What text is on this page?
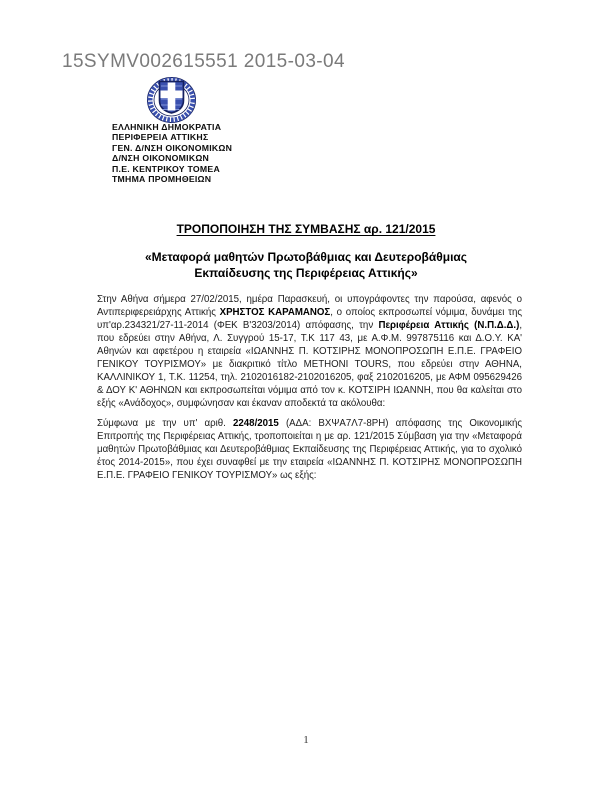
15SYMV002615551 2015-03-04
ΕΛΛΗΝΙΚΗ ΔΗΜΟΚΡΑΤΙΑ
ΠΕΡΙΦΕΡΕΙΑ ΑΤΤΙΚΗΣ
ΓΕΝ. Δ/ΝΣΗ ΟΙΚΟΝΟΜΙΚΩΝ
Δ/ΝΣΗ ΟΙΚΟΝΟΜΙΚΩΝ
Π.Ε. ΚΕΝΤΡΙΚΟΥ ΤΟΜΕΑ
ΤΜΗΜΑ ΠΡΟΜΗΘΕΙΩΝ
ΤΡΟΠΟΠΟΙΗΣΗ ΤΗΣ ΣΥΜΒΑΣΗΣ αρ. 121/2015
«Μεταφορά μαθητών Πρωτοβάθμιας και Δευτεροβάθμιας
Εκπαίδευσης της Περιφέρειας Αττικής»
Στην Αθήνα σήμερα 27/02/2015, ημέρα Παρασκευή, οι υπογράφοντες την παρούσα, αφενός ο Αντιπεριφερειάρχης Αττικής ΧΡΗΣΤΟΣ ΚΑΡΑΜΑΝΟΣ, ο οποίος εκπροσωπεί νόμιμα, δυνάμει της υπ'αρ.234321/27-11-2014 (ΦΕΚ Β'3203/2014) απόφασης, την Περιφέρεια Αττικής (Ν.Π.Δ.Δ.), που εδρεύει στην Αθήνα, Λ. Συγγρού 15-17, Τ.Κ 117 43, με Α.Φ.Μ. 997875116 και Δ.Ο.Υ. ΚΑ' Αθηνών και αφετέρου η εταιρεία «ΙΩΑΝΝΗΣ Π. ΚΟΤΣΙΡΗΣ ΜΟΝΟΠΡΟΣΩΠΗ Ε.Π.Ε. ΓΡΑΦΕΙΟ ΓΕΝΙΚΟΥ ΤΟΥΡΙΣΜΟΥ» με διακριτικό τίτλο METHONI TOURS, που εδρεύει στην ΑΘΗΝΑ, ΚΑΛΛΙΝΙΚΟΥ 1, Τ.Κ. 11254, τηλ. 2102016182-2102016205, φαξ 2102016205, με ΑΦΜ 095629426 & ΔΟΥ Κ' ΑΘΗΝΩΝ και εκπροσωπείται νόμιμα από τον κ. ΚΟΤΣΙΡΗ ΙΩΑΝΝΗ, που θα καλείται στο εξής «Ανάδοχος», συμφώνησαν και έκαναν αποδεκτά τα ακόλουθα:
Σύμφωνα με την υπ' αριθ. 2248/2015 (ΑΔΑ: ΒΧΨΑ7Λ7-8ΡΗ) απόφασης της Οικονομικής Επιτροπής της Περιφέρειας Αττικής, τροποποιείται η με αρ. 121/2015 Σύμβαση για την «Μεταφορά μαθητών Πρωτοβάθμιας και Δευτεροβάθμιας Εκπαίδευσης της Περιφέρειας Αττικής, για το σχολικό έτος 2014-2015», που έχει συναφθεί με την εταιρεία «ΙΩΑΝΝΗΣ Π. ΚΟΤΣΙΡΗΣ ΜΟΝΟΠΡΟΣΩΠΗ Ε.Π.Ε. ΓΡΑΦΕΙΟ ΓΕΝΙΚΟΥ ΤΟΥΡΙΣΜΟΥ» ως εξής:
1
